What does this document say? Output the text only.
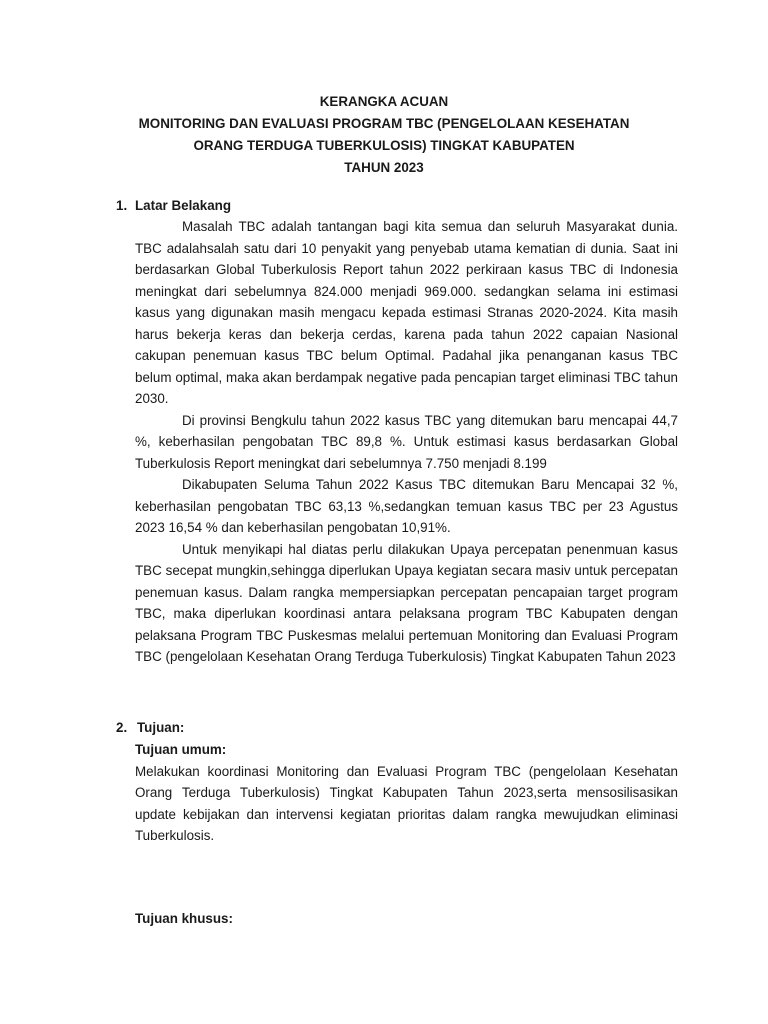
KERANGKA ACUAN
MONITORING DAN EVALUASI PROGRAM TBC (PENGELOLAAN KESEHATAN
ORANG TERDUGA TUBERKULOSIS) TINGKAT KABUPATEN
TAHUN 2023
1. Latar Belakang

Masalah TBC adalah tantangan bagi kita semua dan seluruh Masyarakat dunia. TBC adalahsalah satu dari 10 penyakit yang penyebab utama kematian di dunia. Saat ini berdasarkan Global Tuberkulosis Report tahun 2022 perkiraan kasus TBC di Indonesia meningkat dari sebelumnya 824.000 menjadi 969.000. sedangkan selama ini estimasi kasus yang digunakan masih mengacu kepada estimasi Stranas 2020-2024. Kita masih harus bekerja keras dan bekerja cerdas, karena pada tahun 2022 capaian Nasional cakupan penemuan kasus TBC belum Optimal. Padahal jika penanganan kasus TBC belum optimal, maka akan berdampak negative pada pencapian target eliminasi TBC tahun 2030.

Di provinsi Bengkulu tahun 2022 kasus TBC yang ditemukan baru mencapai 44,7 %, keberhasilan pengobatan TBC 89,8 %. Untuk estimasi kasus berdasarkan Global Tuberkulosis Report meningkat dari sebelumnya 7.750 menjadi 8.199

Dikabupaten Seluma Tahun 2022 Kasus TBC ditemukan Baru Mencapai 32 %, keberhasilan pengobatan TBC 63,13 %,sedangkan temuan kasus TBC per 23 Agustus 2023 16,54 % dan keberhasilan pengobatan 10,91%.

Untuk menyikapi hal diatas perlu dilakukan Upaya percepatan penenmuan kasus TBC secepat mungkin,sehingga diperlukan Upaya kegiatan secara masiv untuk percepatan penemuan kasus. Dalam rangka mempersiapkan percepatan pencapaian target program TBC, maka diperlukan koordinasi antara pelaksana program TBC Kabupaten dengan pelaksana Program TBC Puskesmas melalui pertemuan Monitoring dan Evaluasi Program TBC (pengelolaan Kesehatan Orang Terduga Tuberkulosis) Tingkat Kabupaten Tahun 2023

2. Tujuan:

Tujuan umum:

Melakukan koordinasi Monitoring dan Evaluasi Program TBC (pengelolaan Kesehatan Orang Terduga Tuberkulosis) Tingkat Kabupaten Tahun 2023,serta mensosilisasikan update kebijakan dan intervensi kegiatan prioritas dalam rangka mewujudkan eliminasi Tuberkulosis.

Tujuan khusus:
